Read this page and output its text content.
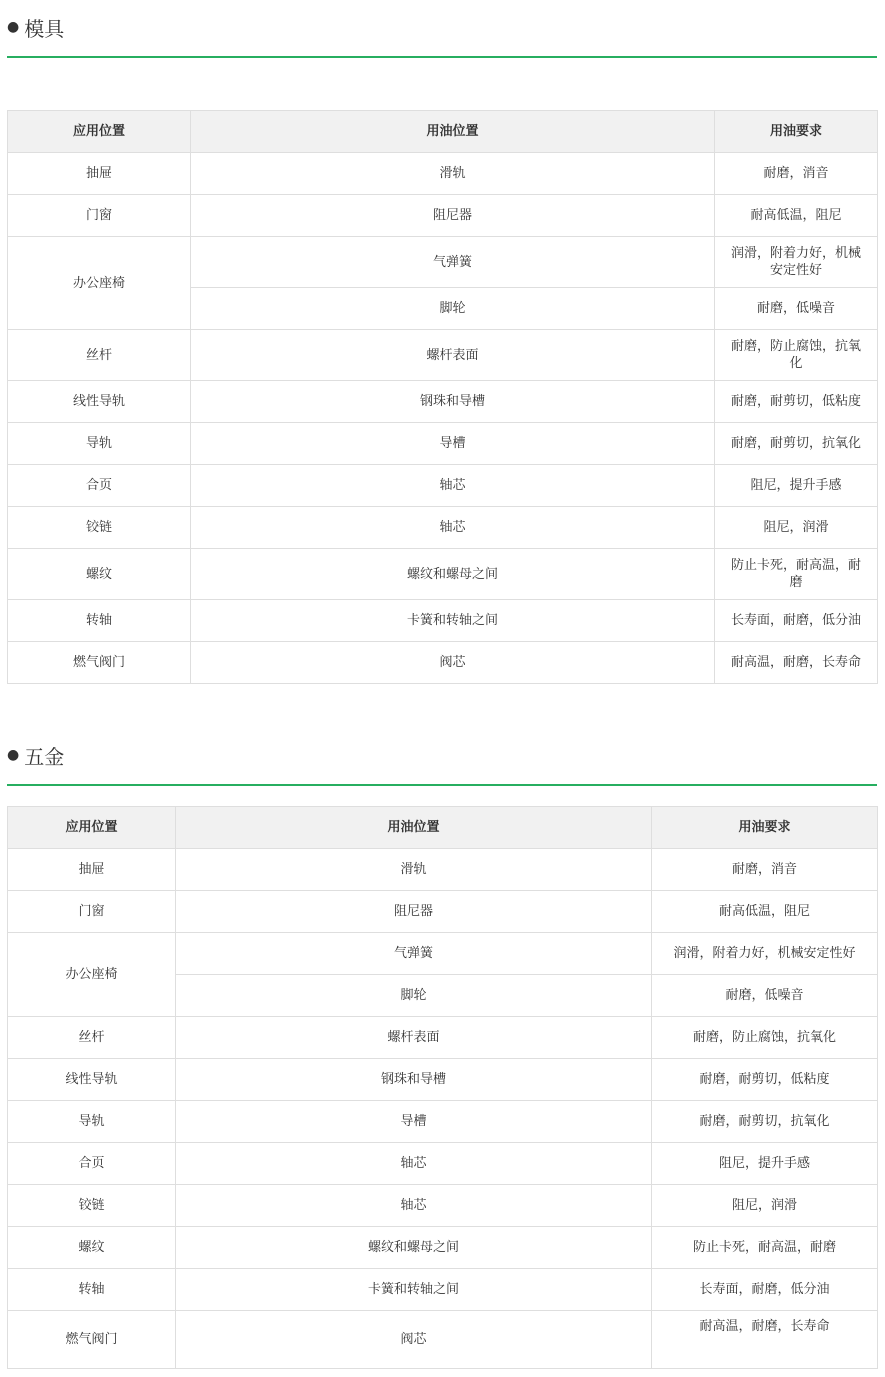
● 模具
应用位置	用油位置	用油要求
抽屉	滑轨	耐磨，消音
门窗	阻尼器	耐高低温，阻尼
办公座椅	气弹簧	润滑，附着力好，机械安定性好
	脚轮	耐磨，低噪音
丝杆	螺杆表面	耐磨，防止腐蚀，抗氧化
线性导轨	钢珠和导槽	耐磨，耐剪切，低粘度
导轨	导槽	耐磨，耐剪切，抗氧化
合页	轴芯	阻尼，提升手感
铰链	轴芯	阻尼，润滑
螺纹	螺纹和螺母之间	防止卡死，耐高温，耐磨
转轴	卡簧和转轴之间	长寿面，耐磨，低分油
燃气阀门	阀芯	耐高温，耐磨，长寿命
● 五金
应用位置	用油位置	用油要求
抽屉	滑轨	耐磨，消音
门窗	阻尼器	耐高低温，阻尼
办公座椅	气弹簧	润滑，附着力好，机械安定性好
	脚轮	耐磨，低噪音
丝杆	螺杆表面	耐磨，防止腐蚀，抗氧化
线性导轨	钢珠和导槽	耐磨，耐剪切，低粘度
导轨	导槽	耐磨，耐剪切，抗氧化
合页	轴芯	阻尼，提升手感
铰链	轴芯	阻尼，润滑
螺纹	螺纹和螺母之间	防止卡死，耐高温，耐磨
转轴	卡簧和转轴之间	长寿面，耐磨，低分油
燃气阀门	阀芯	耐高温，耐磨，长寿命
